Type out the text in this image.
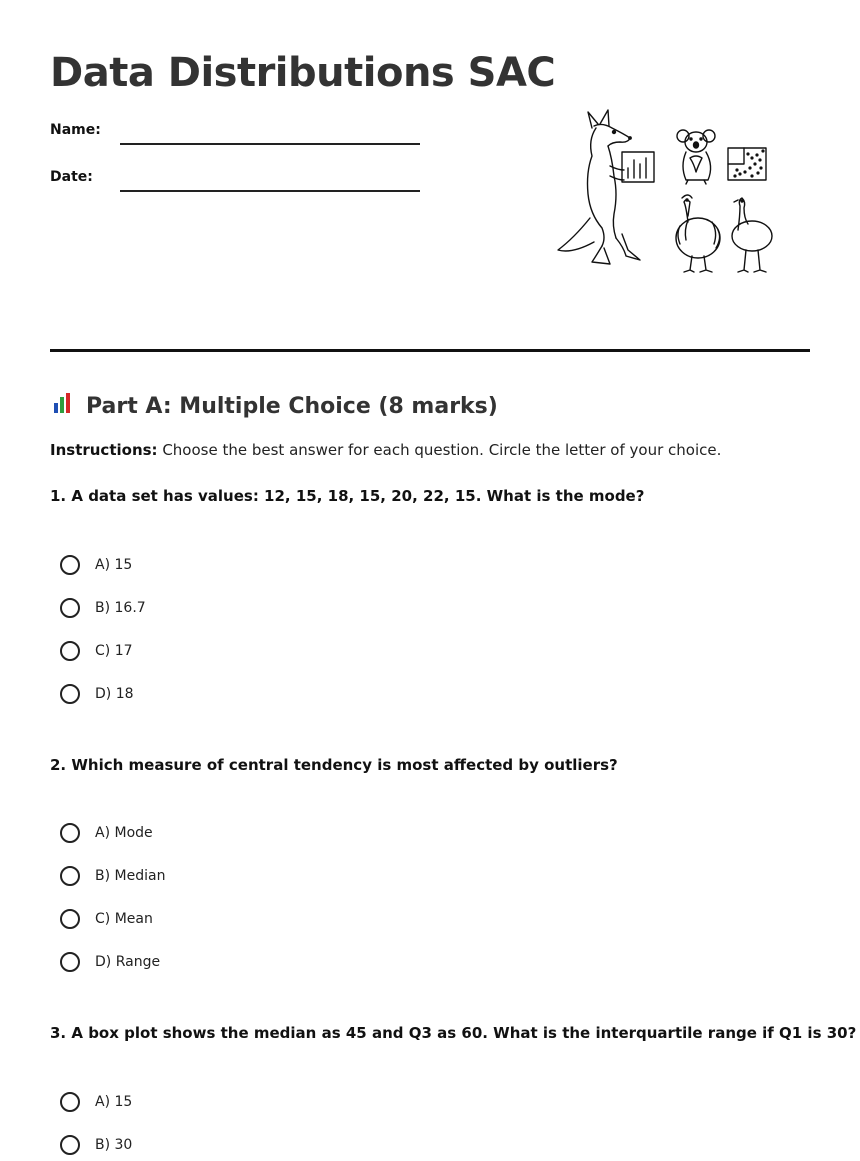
Data Distributions SAC
Name:
Date:
Part A: Multiple Choice (8 marks)

Instructions: Choose the best answer for each question. Circle the letter of your choice.

1. A data set has values: 12, 15, 18, 15, 20, 22, 15. What is the mode?

A) 15
B) 16.7
C) 17
D) 18

2. Which measure of central tendency is most affected by outliers?

A) Mode
B) Median
C) Mean
D) Range

3. A box plot shows the median as 45 and Q3 as 60. What is the interquartile range if Q1 is 30?

A) 15
B) 30
